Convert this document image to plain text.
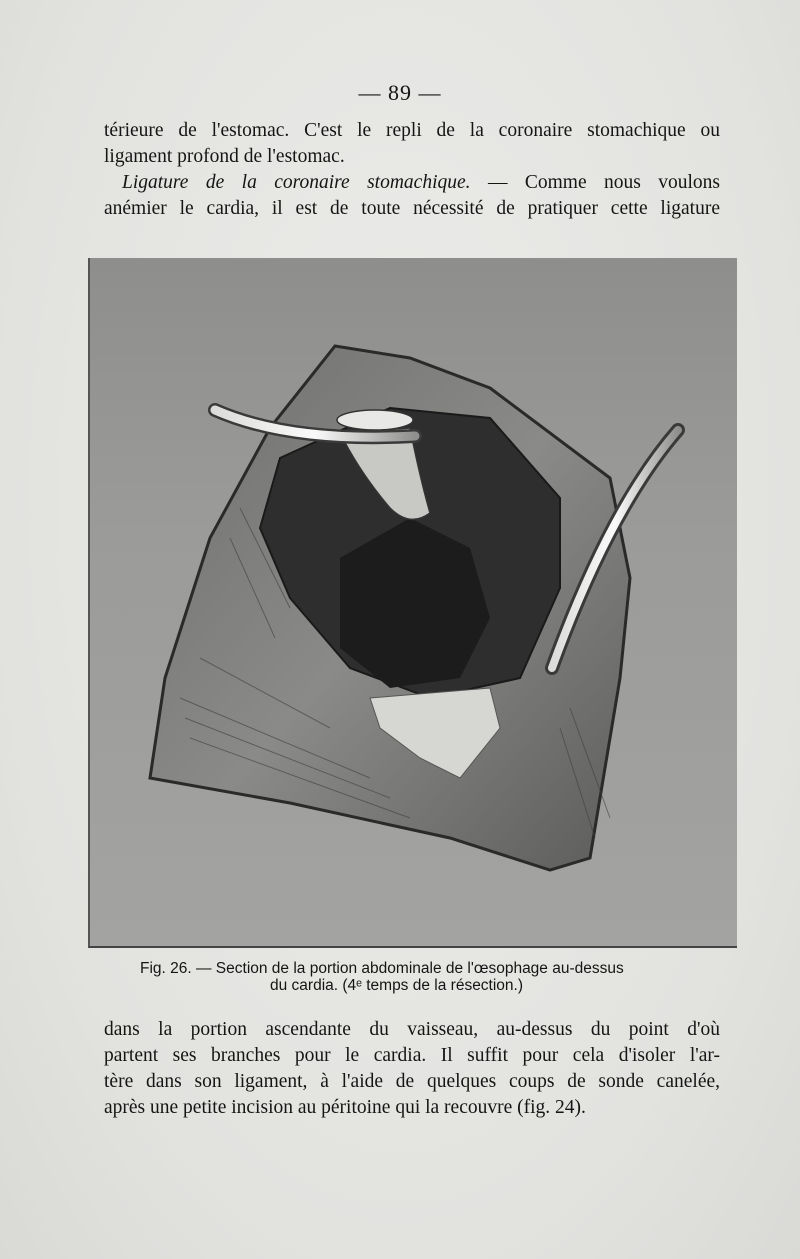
— 89 —

térieure de l'estomac. C'est le repli de la coronaire stomachique ou
ligament profond de l'estomac.
Ligature de la coronaire stomachique. — Comme nous voulons
anémier le cardia, il est de toute nécessité de pratiquer cette ligature

Fig. 26. — Section de la portion abdominale de l'œsophage au-dessus
du cardia. (4ᵉ temps de la résection.)

dans la portion ascendante du vaisseau, au-dessus du point d'où
partent ses branches pour le cardia. Il suffit pour cela d'isoler l'ar-
tère dans son ligament, à l'aide de quelques coups de sonde canelée,
après une petite incision au péritoine qui la recouvre (fig. 24).
